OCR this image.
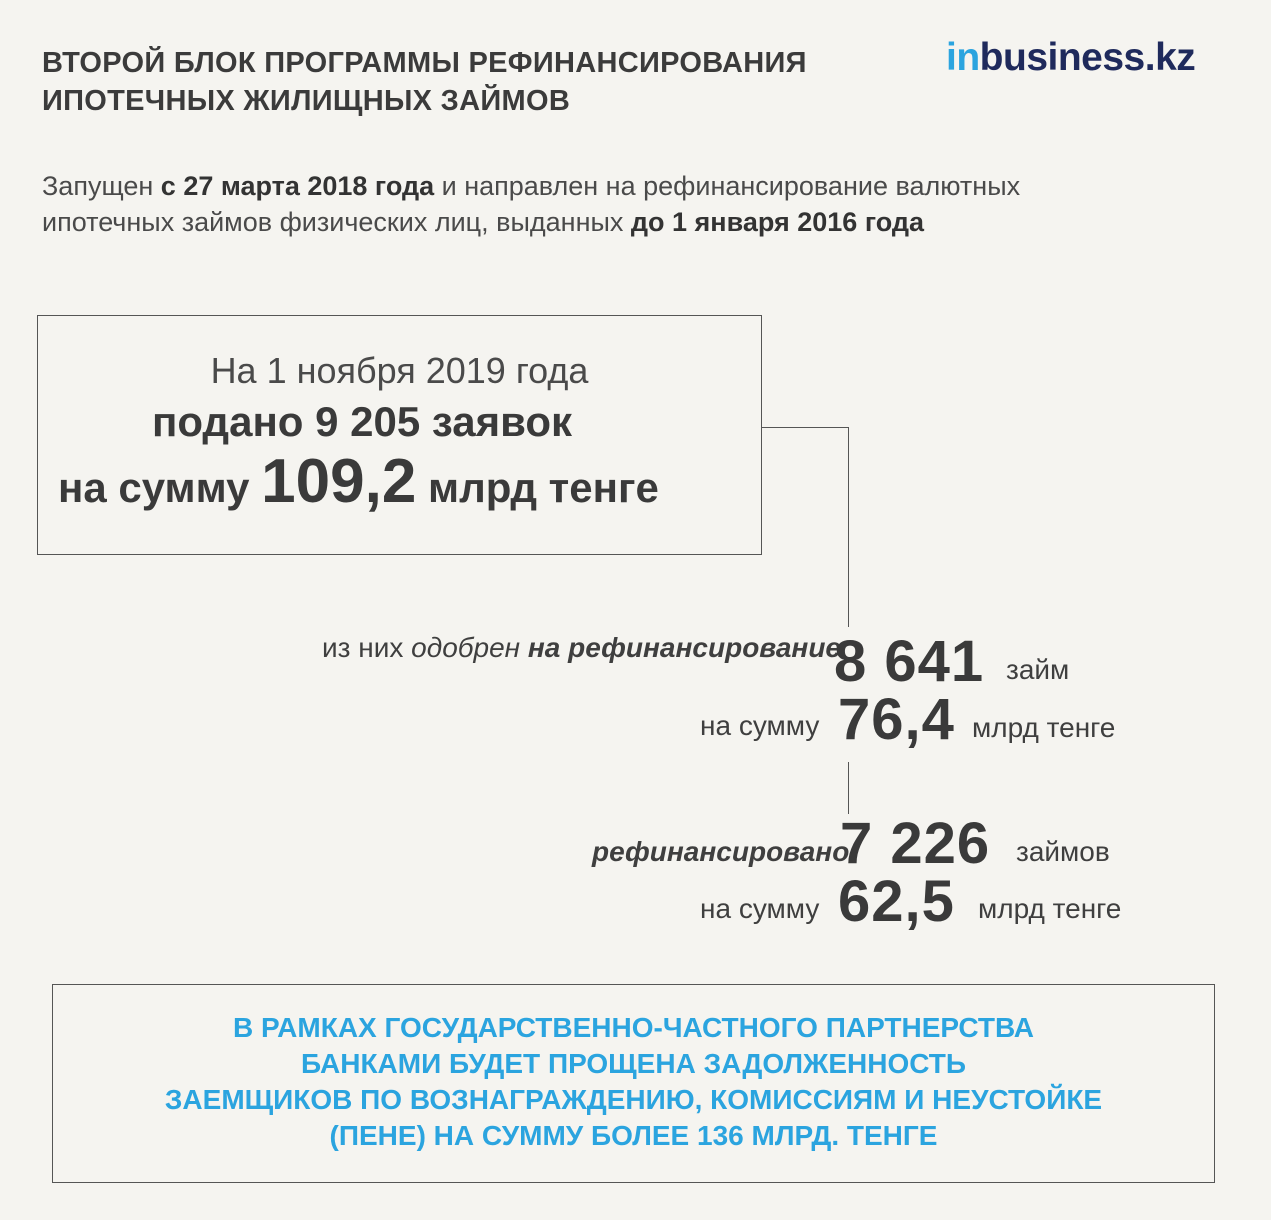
ВТОРОЙ БЛОК ПРОГРАММЫ РЕФИНАНСИРОВАНИЯ
ИПОТЕЧНЫХ ЖИЛИЩНЫХ ЗАЙМОВ
inbusiness.kz
Запущен с 27 марта 2018 года и направлен на рефинансирование валютных
ипотечных займов физических лиц, выданных до 1 января 2016 года
На 1 ноября 2019 года
подано 9 205 заявок
на сумму 109,2 млрд тенге
из них одобрен на рефинансирование
8 641 займ
на сумму 76,4 млрд тенге
рефинансировано
7 226 займов
на сумму 62,5 млрд тенге
В РАМКАХ ГОСУДАРСТВЕННО-ЧАСТНОГО ПАРТНЕРСТВА
БАНКАМИ БУДЕТ ПРОЩЕНА ЗАДОЛЖЕННОСТЬ
ЗАЕМЩИКОВ ПО ВОЗНАГРАЖДЕНИЮ, КОМИССИЯМ И НЕУСТОЙКЕ
(ПЕНЕ) НА СУММУ БОЛЕЕ 136 МЛРД. ТЕНГЕ
